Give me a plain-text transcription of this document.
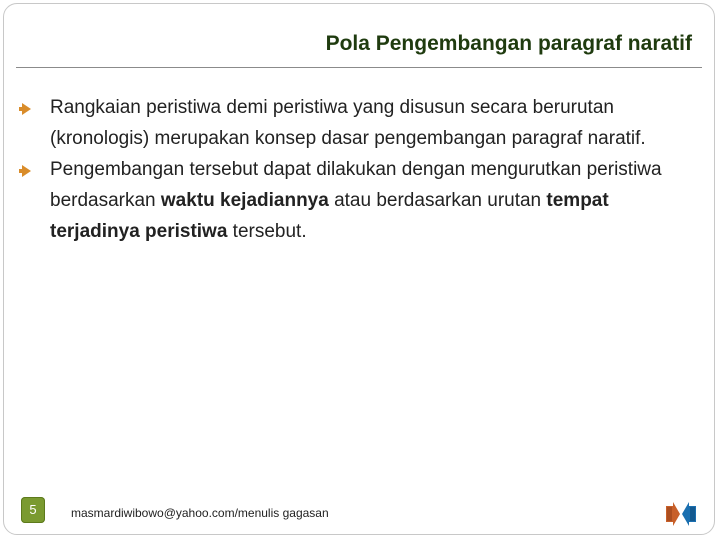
Pola Pengembangan paragraf naratif
Rangkaian peristiwa demi peristiwa yang disusun secara berurutan (kronologis) merupakan konsep dasar pengembangan paragraf naratif.
Pengembangan tersebut dapat dilakukan dengan mengurutkan peristiwa berdasarkan waktu kejadiannya atau berdasarkan urutan tempat terjadinya peristiwa tersebut.
5	masmardiwibowo@yahoo.com/menulis gagasan
